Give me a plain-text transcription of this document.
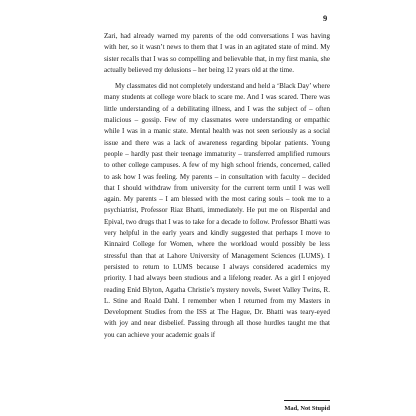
9

Zari, had already warned my parents of the odd conversations I was having with her, so it wasn’t news to them that I was in an agitated state of mind. My sister recalls that I was so compelling and believable that, in my first mania, she actually believed my delusions – her being 12 years old at the time.

My classmates did not completely understand and held a ‘Black Day’ where many students at college wore black to scare me. And I was scared. There was little understanding of a debilitating illness, and I was the subject of – often malicious – gossip. Few of my classmates were understanding or empathic while I was in a manic state. Mental health was not seen seriously as a social issue and there was a lack of awareness regarding bipolar patients. Young people – hardly past their teenage immaturity – transferred amplified rumours to other college campuses. A few of my high school friends, concerned, called to ask how I was feeling. My parents – in consultation with faculty – decided that I should withdraw from university for the current term until I was well again. My parents – I am blessed with the most caring souls – took me to a psychiatrist, Professor Riaz Bhatti, immediately. He put me on Risperdal and Epival, two drugs that I was to take for a decade to follow. Professor Bhatti was very helpful in the early years and kindly suggested that perhaps I move to Kinnaird College for Women, where the workload would possibly be less stressful than that at Lahore University of Management Sciences (LUMS). I persisted to return to LUMS because I always considered academics my priority. I had always been studious and a lifelong reader. As a girl I enjoyed reading Enid Blyton, Agatha Christie’s mystery novels, Sweet Valley Twins, R. L. Stine and Roald Dahl. I remember when I returned from my Masters in Development Studies from the ISS at The Hague, Dr. Bhatti was teary-eyed with joy and near disbelief. Passing through all those hurdles taught me that you can achieve your academic goals if

Mad, Not Stupid
